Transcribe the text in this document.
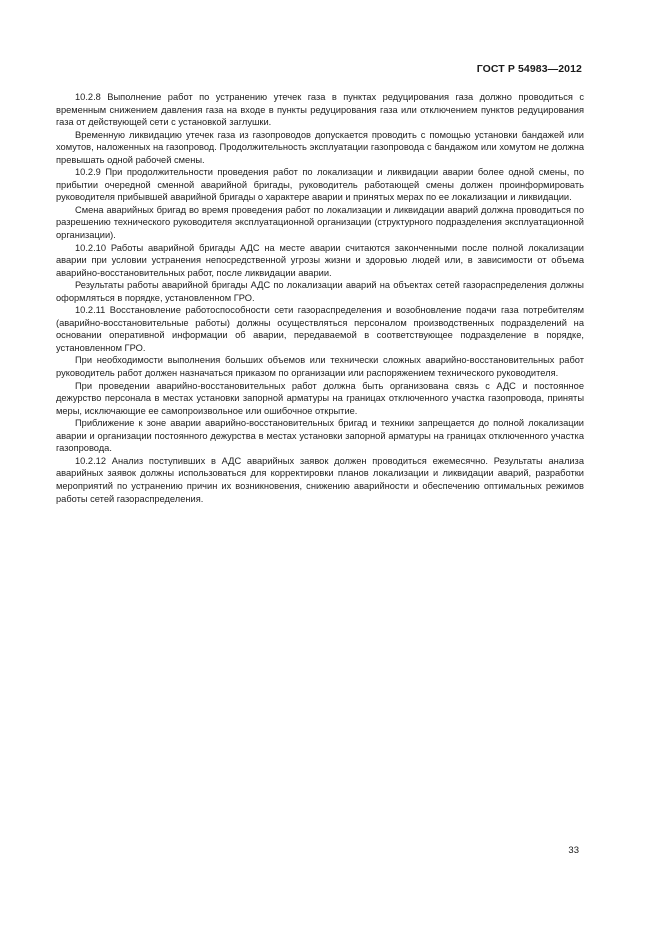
ГОСТ Р 54983—2012

10.2.8 Выполнение работ по устранению утечек газа в пунктах редуцирования газа должно проводиться с временным снижением давления газа на входе в пункты редуцирования газа или отключением пунктов редуцирования газа от действующей сети с установкой заглушки.

Временную ликвидацию утечек газа из газопроводов допускается проводить с помощью установки бандажей или хомутов, наложенных на газопровод. Продолжительность эксплуатации газопровода с бандажом или хомутом не должна превышать одной рабочей смены.

10.2.9 При продолжительности проведения работ по локализации и ликвидации аварии более одной смены, по прибытии очередной сменной аварийной бригады, руководитель работающей смены должен проинформировать руководителя прибывшей аварийной бригады о характере аварии и принятых мерах по ее локализации и ликвидации.

Смена аварийных бригад во время проведения работ по локализации и ликвидации аварий должна проводиться по разрешению технического руководителя эксплуатационной организации (структурного подразделения эксплуатационной организации).

10.2.10 Работы аварийной бригады АДС на месте аварии считаются законченными после полной локализации аварии при условии устранения непосредственной угрозы жизни и здоровью людей или, в зависимости от объема аварийно-восстановительных работ, после ликвидации аварии.

Результаты работы аварийной бригады АДС по локализации аварий на объектах сетей газораспределения должны оформляться в порядке, установленном ГРО.

10.2.11 Восстановление работоспособности сети газораспределения и возобновление подачи газа потребителям (аварийно-восстановительные работы) должны осуществляться персоналом производственных подразделений на основании оперативной информации об аварии, передаваемой в соответствующее подразделение в порядке, установленном ГРО.

При необходимости выполнения больших объемов или технически сложных аварийно-восстановительных работ руководитель работ должен назначаться приказом по организации или распоряжением технического руководителя.

При проведении аварийно-восстановительных работ должна быть организована связь с АДС и постоянное дежурство персонала в местах установки запорной арматуры на границах отключенного участка газопровода, приняты меры, исключающие ее самопроизвольное или ошибочное открытие.

Приближение к зоне аварии аварийно-восстановительных бригад и техники запрещается до полной локализации аварии и организации постоянного дежурства в местах установки запорной арматуры на границах отключенного участка газопровода.

10.2.12 Анализ поступивших в АДС аварийных заявок должен проводиться ежемесячно. Результаты анализа аварийных заявок должны использоваться для корректировки планов локализации и ликвидации аварий, разработки мероприятий по устранению причин их возникновения, снижению аварийности и обеспечению оптимальных режимов работы сетей газораспределения.

33
